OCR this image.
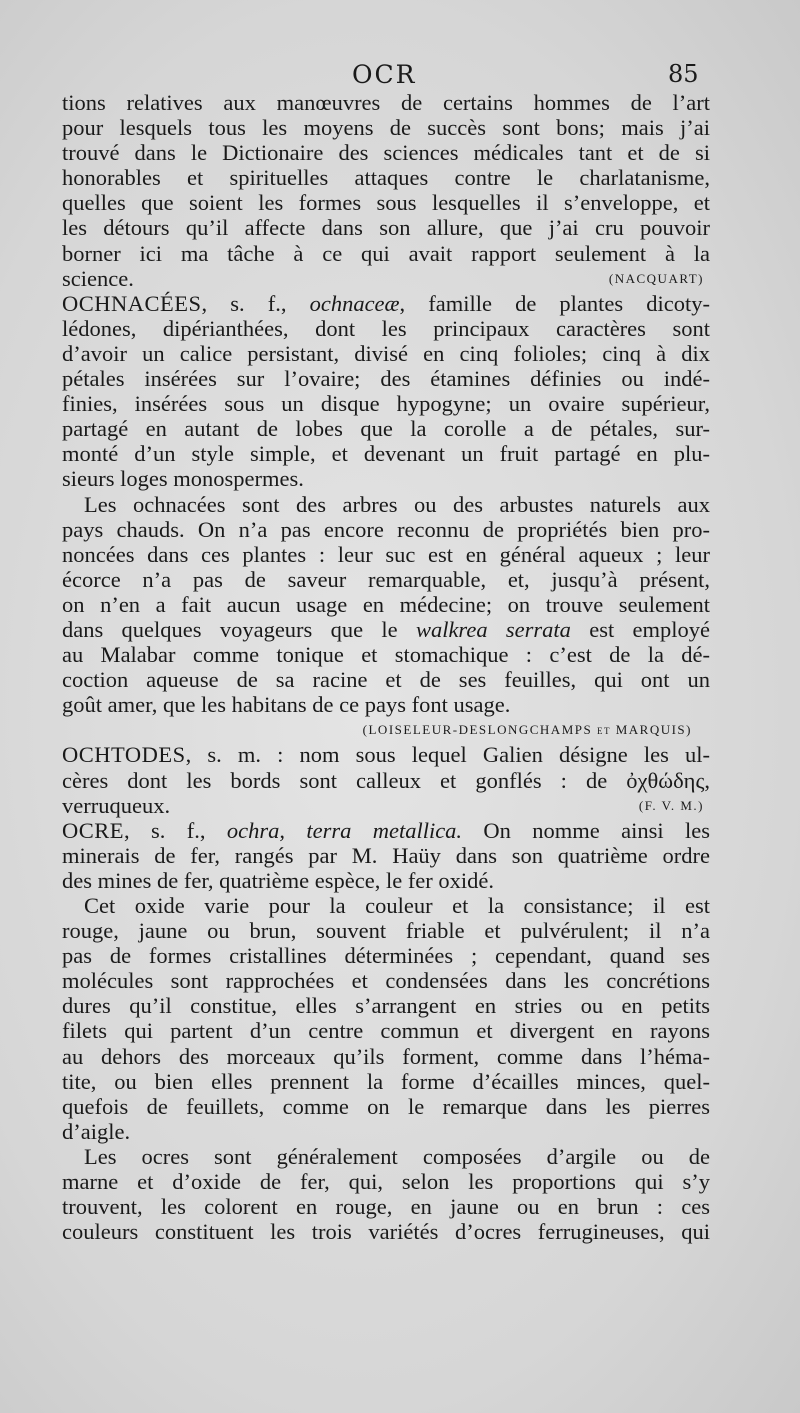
OCR	85
tions relatives aux manœuvres de certains hommes de l’art
pour lesquels tous les moyens de succès sont bons; mais j’ai
trouvé dans le Dictionaire des sciences médicales tant et de si
honorables et spirituelles attaques contre le charlatanisme,
quelles que soient les formes sous lesquelles il s’enveloppe, et
les détours qu’il affecte dans son allure, que j’ai cru pouvoir
borner ici ma tâche à ce qui avait rapport seulement à la
(NACQUART)
science.
OCHNACÉES, s. f., ochnaceæ, famille de plantes dicoty-
lédones, dipérianthées, dont les principaux caractères sont
d’avoir un calice persistant, divisé en cinq folioles; cinq à dix
pétales insérées sur l’ovaire; des étamines définies ou indé-
finies, insérées sous un disque hypogyne; un ovaire supérieur,
partagé en autant de lobes que la corolle a de pétales, sur-
monté d’un style simple, et devenant un fruit partagé en plu-
sieurs loges monospermes.
Les ochnacées sont des arbres ou des arbustes naturels aux
pays chauds. On n’a pas encore reconnu de propriétés bien pro-
noncées dans ces plantes : leur suc est en général aqueux ; leur
écorce n’a pas de saveur remarquable, et, jusqu’à présent,
on n’en a fait aucun usage en médecine; on trouve seulement
dans quelques voyageurs que le walkrea serrata est employé
au Malabar comme tonique et stomachique : c’est de la dé-
coction aqueuse de sa racine et de ses feuilles, qui ont un
goût amer, que les habitans de ce pays font usage.
(LOISELEUR-DESLONGCHAMPS et MARQUIS)
OCHTODES, s. m. : nom sous lequel Galien désigne les ul-
cères dont les bords sont calleux et gonflés : de ὀχθώδης,
(F. V. M.)
verruqueux.
OCRE, s. f., ochra, terra metallica. On nomme ainsi les
minerais de fer, rangés par M. Haüy dans son quatrième ordre
des mines de fer, quatrième espèce, le fer oxidé.
Cet oxide varie pour la couleur et la consistance; il est
rouge, jaune ou brun, souvent friable et pulvérulent; il n’a
pas de formes cristallines déterminées ; cependant, quand ses
molécules sont rapprochées et condensées dans les concrétions
dures qu’il constitue, elles s’arrangent en stries ou en petits
filets qui partent d’un centre commun et divergent en rayons
au dehors des morceaux qu’ils forment, comme dans l’héma-
tite, ou bien elles prennent la forme d’écailles minces, quel-
quefois de feuillets, comme on le remarque dans les pierres
d’aigle.
Les ocres sont généralement composées d’argile ou de
marne et d’oxide de fer, qui, selon les proportions qui s’y
trouvent, les colorent en rouge, en jaune ou en brun : ces
couleurs constituent les trois variétés d’ocres ferrugineuses, qui
